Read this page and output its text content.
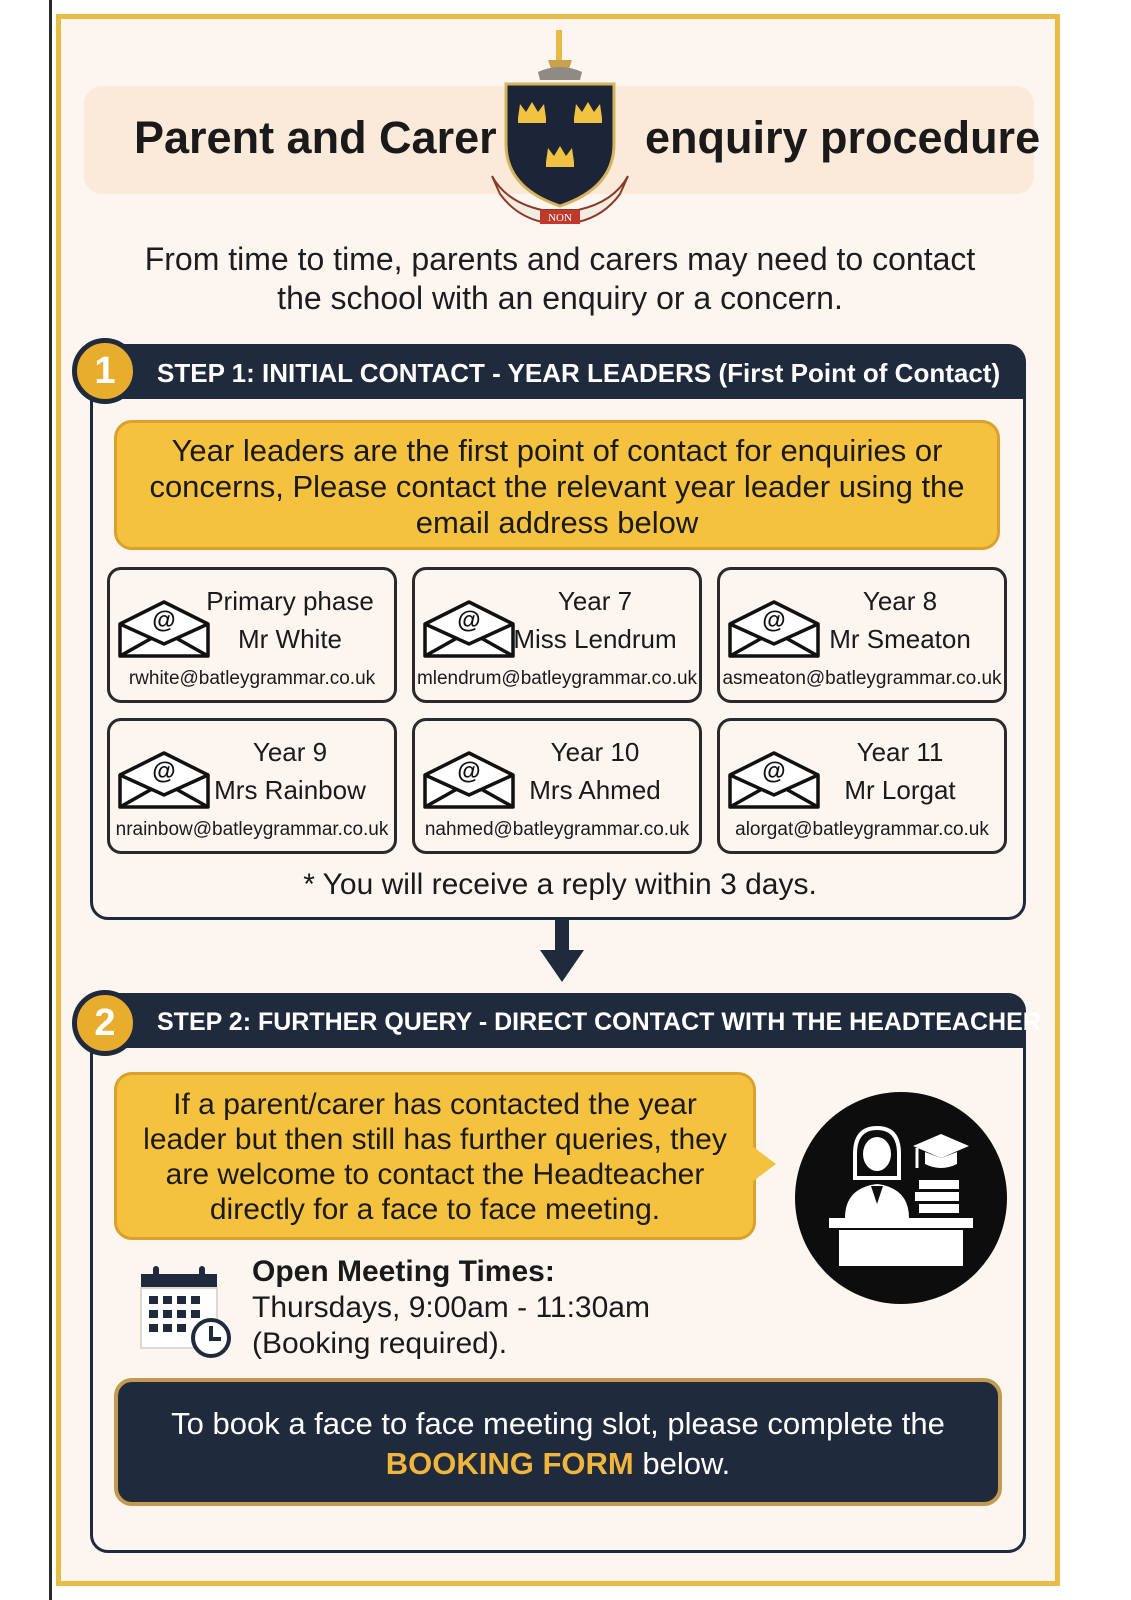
Parent and Carer	enquiry procedure
NON
From time to time, parents and carers may need to contact
the school with an enquiry or a concern.
STEP 1: INITIAL CONTACT - YEAR LEADERS (First Point of Contact)
1
Year leaders are the first point of contact for enquiries or
concerns, Please contact the relevant year leader using the
email address below
@
Primary phase
Mr White
rwhite@batleygrammar.co.uk
@
Year 7
Miss Lendrum
mlendrum@batleygrammar.co.uk
@
Year 8
Mr Smeaton
asmeaton@batleygrammar.co.uk
@
Year 9
Mrs Rainbow
nrainbow@batleygrammar.co.uk
@
Year 10
Mrs Ahmed
nahmed@batleygrammar.co.uk
@
Year 11
Mr Lorgat
alorgat@batleygrammar.co.uk
* You will receive a reply within 3 days.
STEP 2: FURTHER QUERY - DIRECT CONTACT WITH THE HEADTEACHER
2
If a parent/carer has contacted the year
leader but then still has further queries, they
are welcome to contact the Headteacher
directly for a face to face meeting.
Open Meeting Times:
Thursdays, 9:00am - 11:30am
(Booking required).
To book a face to face meeting slot, please complete the
BOOKING FORM below.
